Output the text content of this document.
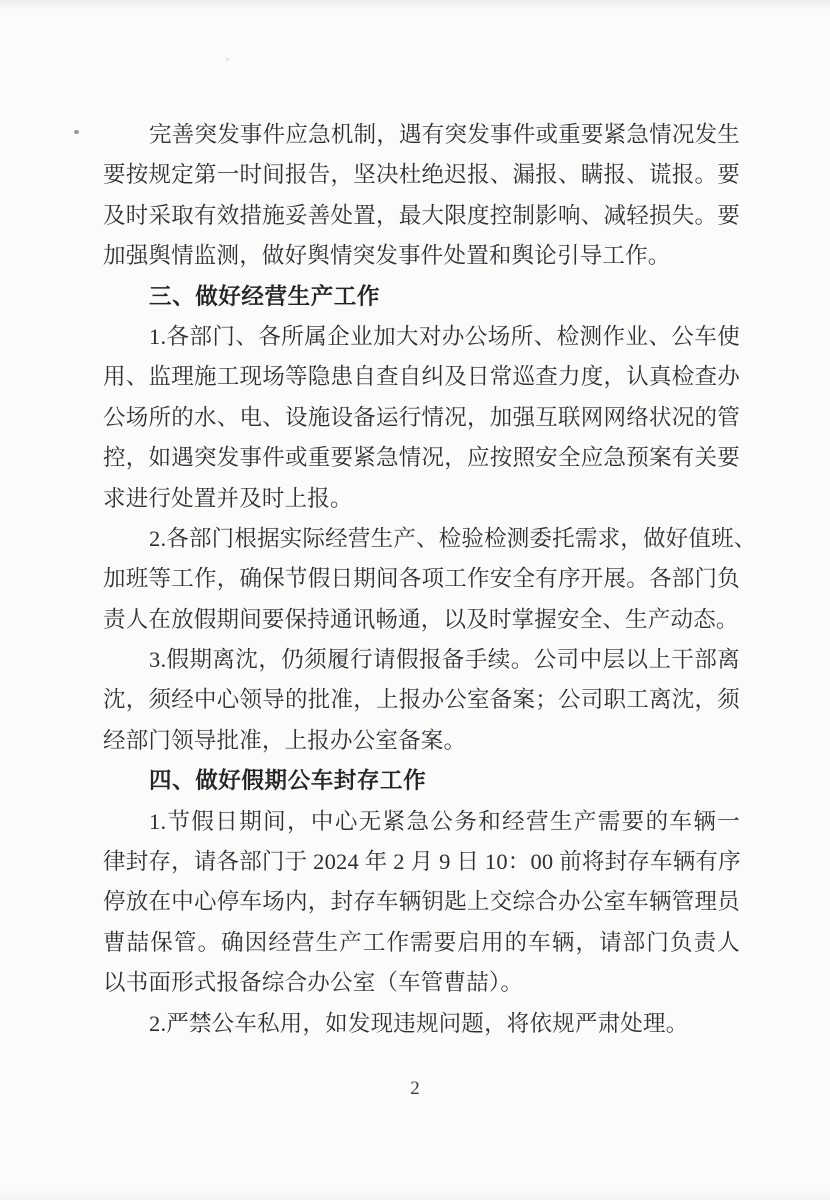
完善突发事件应急机制，遇有突发事件或重要紧急情况发生
要按规定第一时间报告，坚决杜绝迟报、漏报、瞒报、谎报。要
及时采取有效措施妥善处置，最大限度控制影响、减轻损失。要
加强舆情监测，做好舆情突发事件处置和舆论引导工作。
三、做好经营生产工作
1.各部门、各所属企业加大对办公场所、检测作业、公车使
用、监理施工现场等隐患自查自纠及日常巡查力度，认真检查办
公场所的水、电、设施设备运行情况，加强互联网网络状况的管
控，如遇突发事件或重要紧急情况，应按照安全应急预案有关要
求进行处置并及时上报。
2.各部门根据实际经营生产、检验检测委托需求，做好值班、
加班等工作，确保节假日期间各项工作安全有序开展。各部门负
责人在放假期间要保持通讯畅通，以及时掌握安全、生产动态。
3.假期离沈，仍须履行请假报备手续。公司中层以上干部离
沈，须经中心领导的批准，上报办公室备案；公司职工离沈，须
经部门领导批准，上报办公室备案。
四、做好假期公车封存工作
1.节假日期间，中心无紧急公务和经营生产需要的车辆一
律封存，请各部门于 2024 年 2 月 9 日 10：00 前将封存车辆有序
停放在中心停车场内，封存车辆钥匙上交综合办公室车辆管理员
曹喆保管。确因经营生产工作需要启用的车辆，请部门负责人
以书面形式报备综合办公室（车管曹喆）。
2.严禁公车私用，如发现违规问题，将依规严肃处理。
2
